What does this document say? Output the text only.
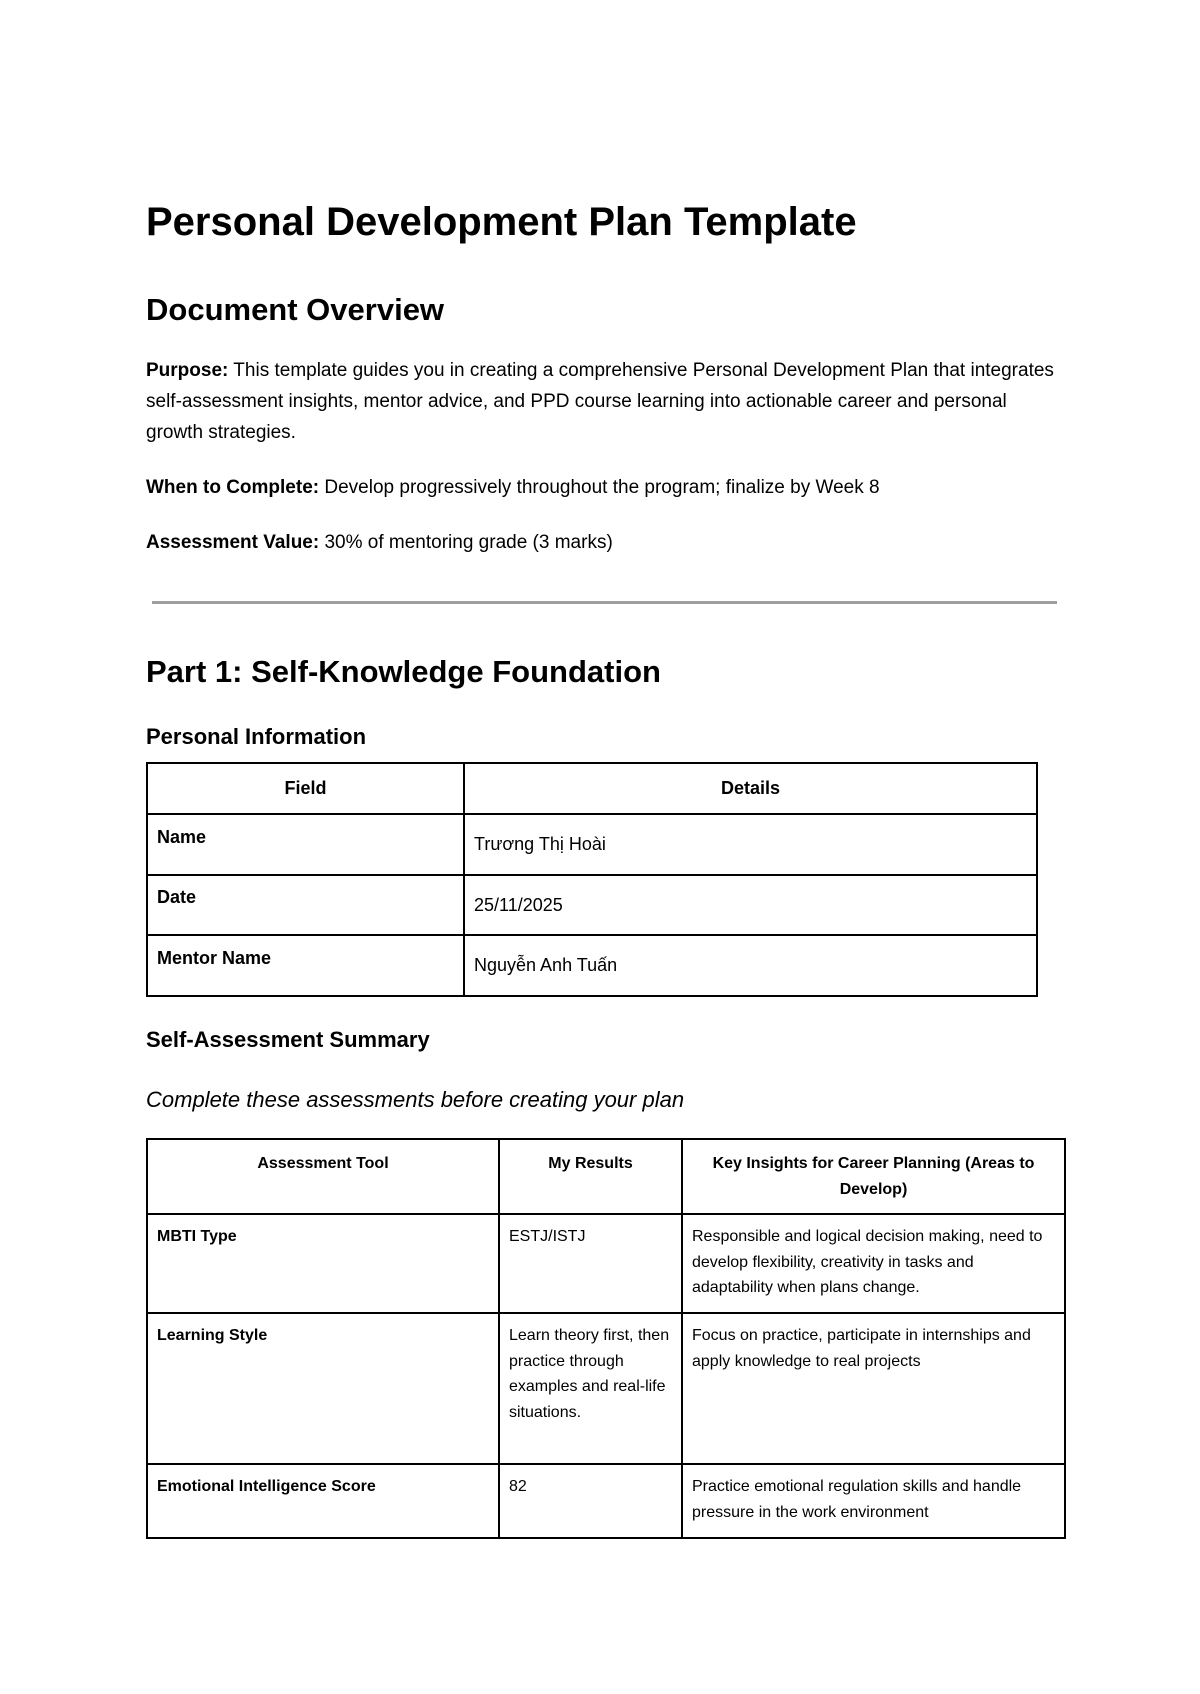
Personal Development Plan Template
Document Overview

Purpose: This template guides you in creating a comprehensive Personal Development Plan that integrates self-assessment insights, mentor advice, and PPD course learning into actionable career and personal growth strategies.

When to Complete: Develop progressively throughout the program; finalize by Week 8

Assessment Value: 30% of mentoring grade (3 marks)

Part 1: Self-Knowledge Foundation
Personal Information
Field	Details
Name	Trương Thị Hoài
Date	25/11/2025
Mentor Name	Nguyễn Anh Tuấn
Self-Assessment Summary

Complete these assessments before creating your plan

Assessment Tool	My Results	Key Insights for Career Planning (Areas to Develop)
MBTI Type	ESTJ/ISTJ	Responsible and logical decision making, need to develop flexibility, creativity in tasks and adaptability when plans change.
Learning Style	Learn theory first, then practice through examples and real-life situations.	Focus on practice, participate in internships and apply knowledge to real projects
Emotional Intelligence Score	82	Practice emotional regulation skills and handle pressure in the work environment
